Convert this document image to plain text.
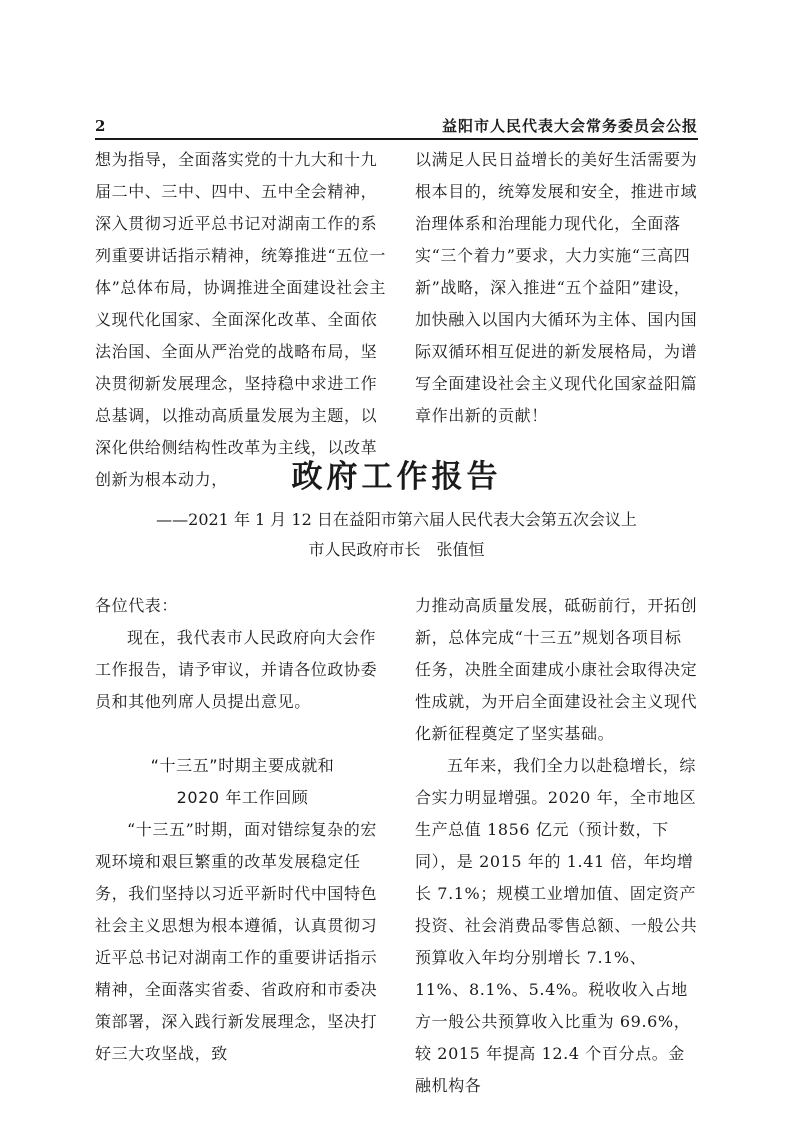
2	益阳市人民代表大会常务委员会公报

想为指导，全面落实党的十九大和十九届二中、三中、四中、五中全会精神，深入贯彻习近平总书记对湖南工作的系列重要讲话指示精神，统筹推进“五位一体”总体布局，协调推进全面建设社会主义现代化国家、全面深化改革、全面依法治国、全面从严治党的战略布局，坚决贯彻新发展理念，坚持稳中求进工作总基调，以推动高质量发展为主题，以深化供给侧结构性改革为主线，以改革创新为根本动力，

以满足人民日益增长的美好生活需要为根本目的，统筹发展和安全，推进市域治理体系和治理能力现代化，全面落实“三个着力”要求，大力实施“三高四新”战略，深入推进“五个益阳”建设，加快融入以国内大循环为主体、国内国际双循环相互促进的新发展格局，为谱写全面建设社会主义现代化国家益阳篇章作出新的贡献！

政府工作报告
——2021 年 1 月 12 日在益阳市第六届人民代表大会第五次会议上
市人民政府市长　张值恒

各位代表：

现在，我代表市人民政府向大会作工作报告，请予审议，并请各位政协委员和其他列席人员提出意见。

“十三五”时期主要成就和

2020 年工作回顾

“十三五”时期，面对错综复杂的宏观环境和艰巨繁重的改革发展稳定任务，我们坚持以习近平新时代中国特色社会主义思想为根本遵循，认真贯彻习近平总书记对湖南工作的重要讲话指示精神，全面落实省委、省政府和市委决策部署，深入践行新发展理念，坚决打好三大攻坚战，致

力推动高质量发展，砥砺前行，开拓创新，总体完成“十三五”规划各项目标任务，决胜全面建成小康社会取得决定性成就，为开启全面建设社会主义现代化新征程奠定了坚实基础。

五年来，我们全力以赴稳增长，综合实力明显增强。2020 年，全市地区生产总值 1856 亿元（预计数，下同），是 2015 年的 1.41 倍，年均增长 7.1%；规模工业增加值、固定资产投资、社会消费品零售总额、一般公共预算收入年均分别增长 7.1%、11%、8.1%、5.4%。税收收入占地方一般公共预算收入比重为 69.6%，较 2015 年提高 12.4 个百分点。金融机构各
